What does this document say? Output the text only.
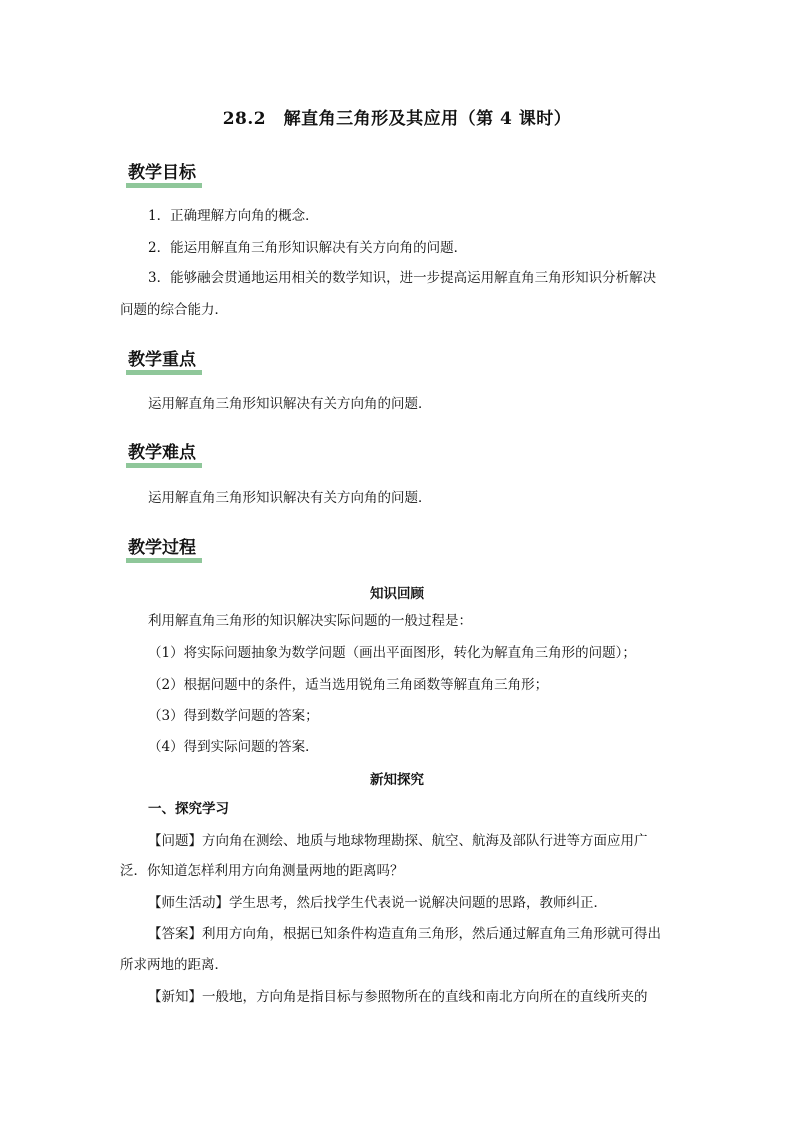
28.2　解直角三角形及其应用（第 4 课时）
教学目标
1．正确理解方向角的概念．
2．能运用解直角三角形知识解决有关方向角的问题．
3．能够融会贯通地运用相关的数学知识，进一步提高运用解直角三角形知识分析解决
问题的综合能力．
教学重点
运用解直角三角形知识解决有关方向角的问题．
教学难点
运用解直角三角形知识解决有关方向角的问题．
教学过程
知识回顾
利用解直角三角形的知识解决实际问题的一般过程是：
（1）将实际问题抽象为数学问题（画出平面图形，转化为解直角三角形的问题）；
（2）根据问题中的条件，适当选用锐角三角函数等解直角三角形；
（3）得到数学问题的答案；
（4）得到实际问题的答案．
新知探究
一、探究学习
【问题】方向角在测绘、地质与地球物理勘探、航空、航海及部队行进等方面应用广
泛．你知道怎样利用方向角测量两地的距离吗？
【师生活动】学生思考，然后找学生代表说一说解决问题的思路，教师纠正．
【答案】利用方向角，根据已知条件构造直角三角形，然后通过解直角三角形就可得出
所求两地的距离．
【新知】一般地，方向角是指目标与参照物所在的直线和南北方向所在的直线所夹的
